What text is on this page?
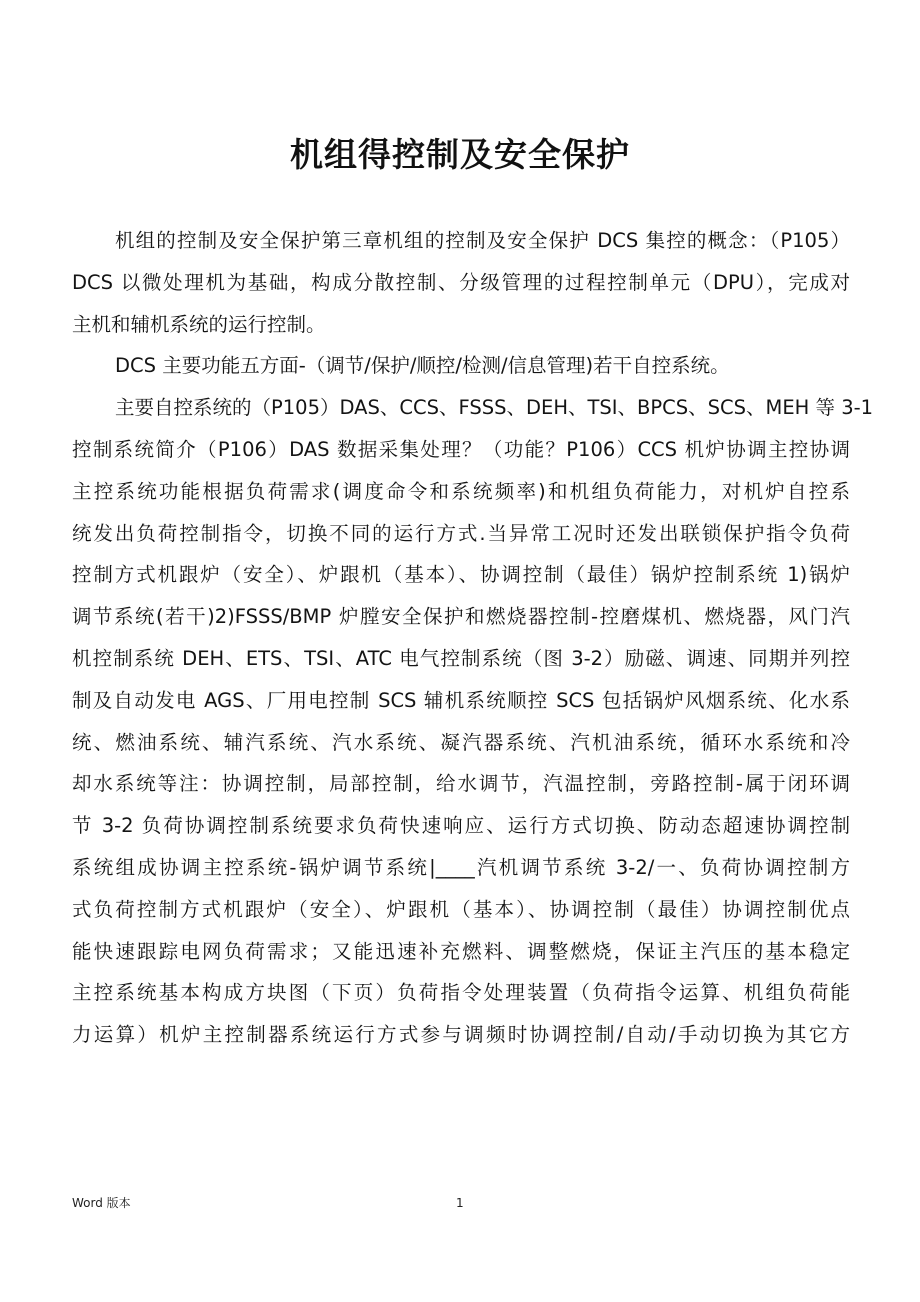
机组得控制及安全保护
机组的控制及安全保护第三章机组的控制及安全保护 DCS 集控的概念：（P105）
DCS 以微处理机为基础，构成分散控制、分级管理的过程控制单元（DPU），完成对
主机和辅机系统的运行控制。
DCS 主要功能五方面-（调节/保护/顺控/检测/信息管理)若干自控系统。
主要自控系统的（P105）DAS、CCS、FSSS、DEH、TSI、BPCS、SCS、MEH 等 3-1
控制系统简介（P106）DAS 数据采集处理？（功能？P106）CCS 机炉协调主控协调
主控系统功能根据负荷需求(调度命令和系统频率)和机组负荷能力，对机炉自控系
统发出负荷控制指令，切换不同的运行方式.当异常工况时还发出联锁保护指令负荷
控制方式机跟炉（安全）、炉跟机（基本）、协调控制（最佳）锅炉控制系统 1)锅炉
调节系统(若干)2)FSSS/BMP 炉膛安全保护和燃烧器控制-控磨煤机、燃烧器，风门汽
机控制系统 DEH、ETS、TSI、ATC 电气控制系统（图 3-2）励磁、调速、同期并列控
制及自动发电 AGS、厂用电控制 SCS 辅机系统顺控 SCS 包括锅炉风烟系统、化水系
统、燃油系统、辅汽系统、汽水系统、凝汽器系统、汽机油系统，循环水系统和冷
却水系统等注：协调控制，局部控制，给水调节，汽温控制，旁路控制-属于闭环调
节 3-2 负荷协调控制系统要求负荷快速响应、运行方式切换、防动态超速协调控制
系统组成协调主控系统-锅炉调节系统|____汽机调节系统 3-2/一、负荷协调控制方
式负荷控制方式机跟炉（安全）、炉跟机（基本）、协调控制（最佳）协调控制优点
能快速跟踪电网负荷需求；又能迅速补充燃料、调整燃烧，保证主汽压的基本稳定
主控系统基本构成方块图（下页）负荷指令处理装置（负荷指令运算、机组负荷能
力运算）机炉主控制器系统运行方式参与调频时协调控制/自动/手动切换为其它方
Word 版本	1
